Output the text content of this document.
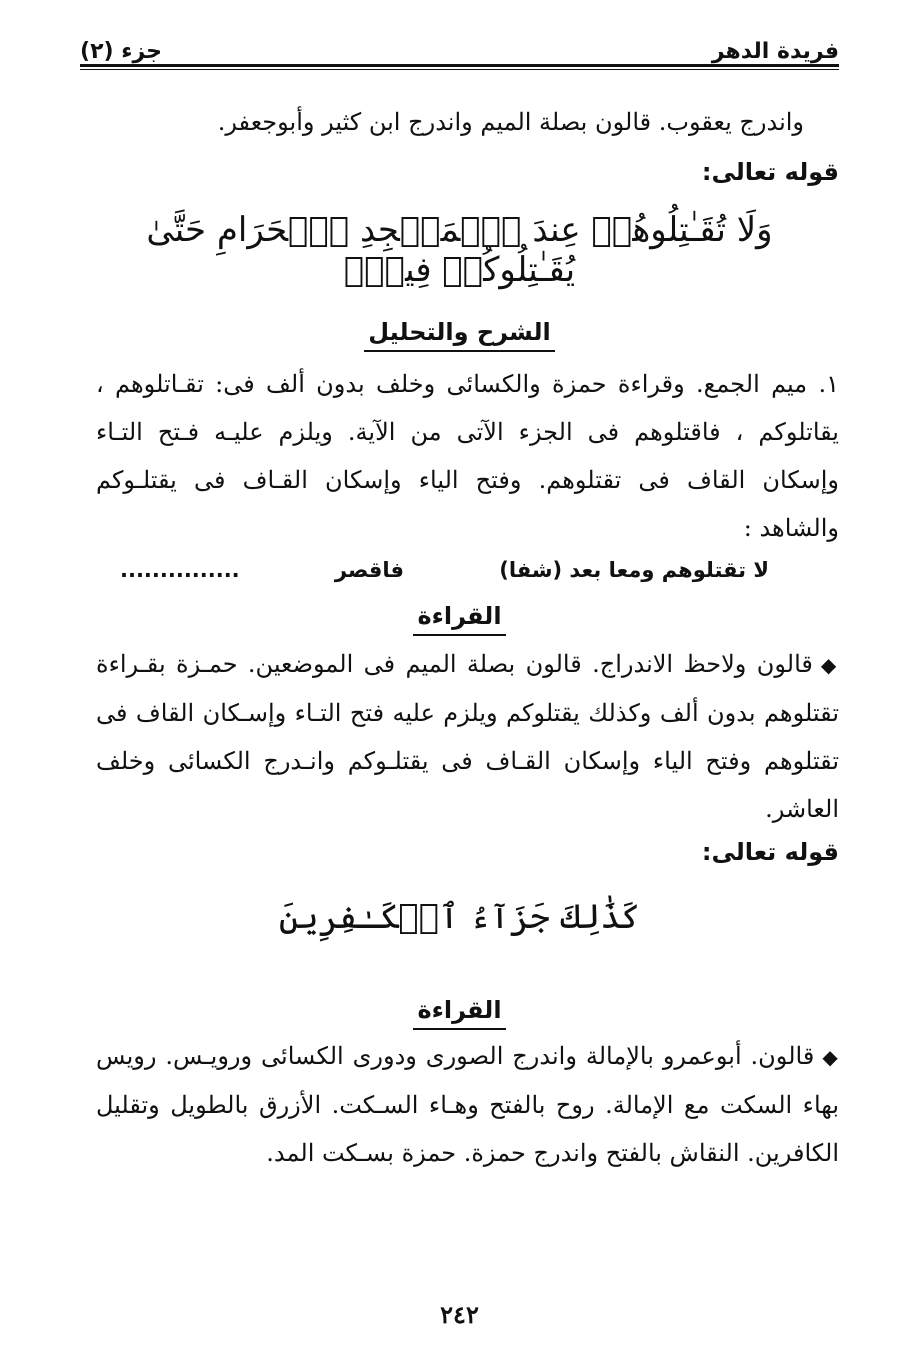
فريدة الدهر
جزء (٢)
واندرج يعقوب. قالون بصلة الميم واندرج ابن كثير وأبوجعفر.
قوله تعالى:
وَلَا تُقَـٰتِلُوهُمۡ عِندَ ٱلۡمَسۡجِدِ ٱلۡحَرَامِ حَتَّىٰ يُقَـٰتِلُوكُمۡ فِيهِۖ
الشرح والتحليل
١. ميم الجمع. وقراءة حمزة والكسائى وخلف بدون ألف فى: تقـاتلوهم ، يقاتلوكم ، فاقتلوهم فى الجزء الآتى من الآية. ويلزم عليـه فـتح التـاء وإسكان القاف فى تقتلوهم. وفتح الياء وإسكان القـاف فى يقتلـوكم والشاهد :
لا تقتلوهم ومعا بعد (شفا)
فاقصر
...............
القراءة
◆قالون ولاحظ الاندراج. قالون بصلة الميم فى الموضعين. حمـزة بقـراءة تقتلوهم بدون ألف وكذلك يقتلوكم ويلزم عليه فتح التـاء وإسـكان القاف فى تقتلوهم وفتح الياء وإسكان القـاف فى يقتلـوكم وانـدرج الكسائى وخلف العاشر.
قوله تعالى:
كَذَٰلِكَ جَزَآءُ ٱلۡكَـٰفِرِينَ
القراءة
◆قالون. أبوعمرو بالإمالة واندرج الصورى ودورى الكسائى ورويـس. رويس بهاء السكت مع الإمالة. روح بالفتح وهـاء السـكت. الأزرق بالطويل وتقليل الكافرين. النقاش بالفتح واندرج حمزة. حمزة بسـكت المد.
٢٤٢
